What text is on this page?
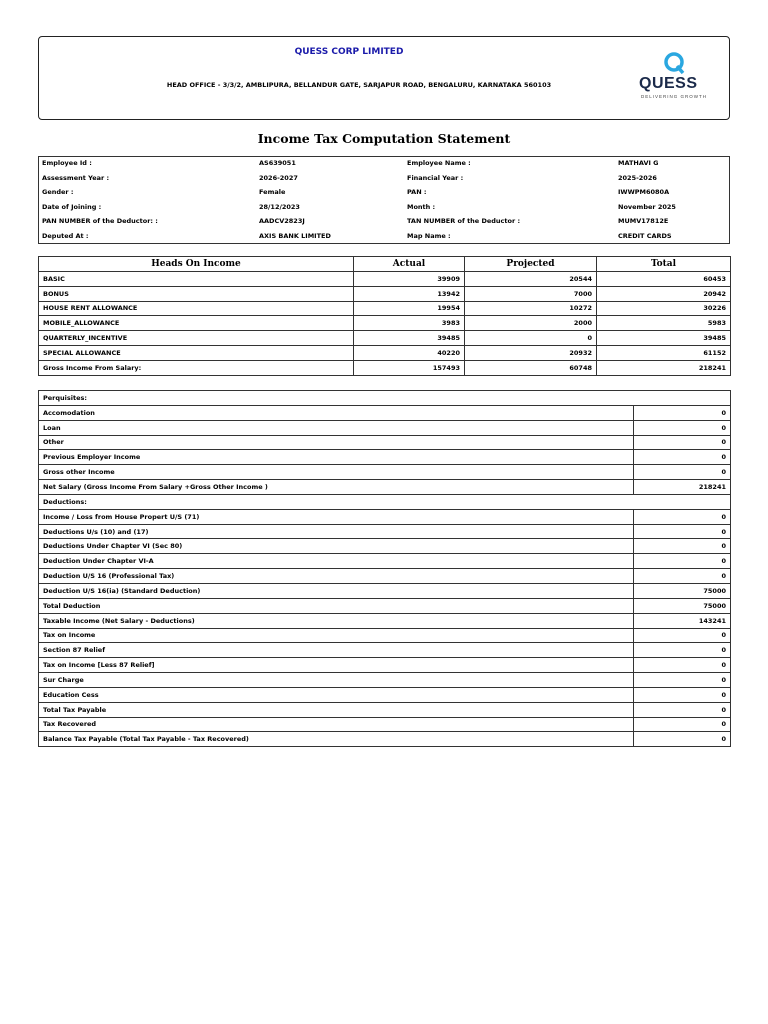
QUESS CORP LIMITED
HEAD OFFICE - 3/3/2, AMBLIPURA, BELLANDUR GATE, SARJAPUR ROAD, BENGALURU, KARNATAKA 560103	QUESS
DELIVERING GROWTH
Income Tax Computation Statement
Employee Id :	AS639051	Employee Name :	MATHAVI G
Assessment Year :	2026-2027	Financial Year :	2025-2026
Gender :	Female	PAN :	IWWPM6080A
Date of Joining :	28/12/2023	Month :	November 2025
PAN NUMBER of the Deductor: :	AADCV2823J	TAN NUMBER of the Deductor :	MUMV17812E
Deputed At :	AXIS BANK LIMITED	Map Name :	CREDIT CARDS
Heads On Income	Actual	Projected	Total
BASIC	39909	20544	60453
BONUS	13942	7000	20942
HOUSE RENT ALLOWANCE	19954	10272	30226
MOBILE_ALLOWANCE	3983	2000	5983
QUARTERLY_INCENTIVE	39485	0	39485
SPECIAL ALLOWANCE	40220	20932	61152
Gross Income From Salary:	157493	60748	218241
Perquisites:	
Accomodation	0
Loan	0
Other	0
Previous Employer Income	0
Gross other Income	0
Net Salary (Gross Income From Salary +Gross Other Income )	218241
Deductions:	
Income / Loss from House Propert U/S (71)	0
Deductions U/s (10) and (17)	0
Deductions Under Chapter VI (Sec 80)	0
Deduction Under Chapter VI-A	0
Deduction U/S 16 (Professional Tax)	0
Deduction U/S 16(ia) (Standard Deduction)	75000
Total Deduction	75000
Taxable Income (Net Salary - Deductions)	143241
Tax on Income	0
Section 87 Relief	0
Tax on Income [Less 87 Relief]	0
Sur Charge	0
Education Cess	0
Total Tax Payable	0
Tax Recovered	0
Balance Tax Payable (Total Tax Payable - Tax Recovered)	0
